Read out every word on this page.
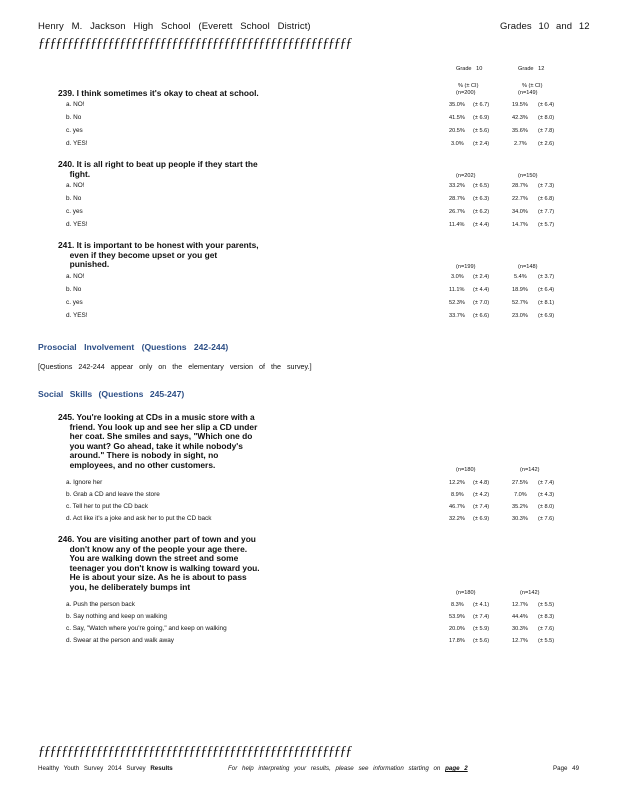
Henry M. Jackson High School (Everett School District)	Grades 10 and 12
ƒƒƒƒƒƒƒƒƒƒƒƒƒƒƒƒƒƒƒƒƒƒƒƒƒƒƒƒƒƒƒƒƒƒƒƒƒƒƒƒƒƒƒƒƒƒƒƒƒƒƒƒƒƒ
Grade 10	Grade 12
% (± CI)	% (± CI)
239. I think sometimes it's okay to cheat at school.	(n=200)	(n=149)
a. NO!	35.0% (± 6.7)	19.5% (± 6.4)
b. No	41.5% (± 6.9)	42.3% (± 8.0)
c. yes	20.5% (± 5.6)	35.6% (± 7.8)
d. YES!	3.0% (± 2.4)	2.7% (± 2.6)
240. It is all right to beat up people if they start the
fight.	(n=202)	(n=150)
a. NO!	33.2% (± 6.5)	28.7% (± 7.3)
b. No	28.7% (± 6.3)	22.7% (± 6.8)
c. yes	26.7% (± 6.2)	34.0% (± 7.7)
d. YES!	11.4% (± 4.4)	14.7% (± 5.7)
241. It is important to be honest with your parents,
even if they become upset or you get
punished.	(n=199)	(n=148)
a. NO!	3.0% (± 2.4)	5.4% (± 3.7)
b. No	11.1% (± 4.4)	18.9% (± 6.4)
c. yes	52.3% (± 7.0)	52.7% (± 8.1)
d. YES!	33.7% (± 6.6)	23.0% (± 6.9)
Prosocial Involvement (Questions 242-244)
[Questions 242-244 appear only on the elementary version of the survey.]
Social Skills (Questions 245-247)
245. You're looking at CDs in a music store with a
friend. You look up and see her slip a CD under
her coat. She smiles and says, "Which one do
you want? Go ahead, take it while nobody's
around." There is nobody in sight, no
employees, and no other customers.
(n=180)	(n=142)
a. Ignore her	12.2% (± 4.8)	27.5% (± 7.4)
b. Grab a CD and leave the store	8.9% (± 4.2)	7.0% (± 4.3)
c. Tell her to put the CD back	46.7% (± 7.4)	35.2% (± 8.0)
d. Act like it's a joke and ask her to put the CD back	32.2% (± 6.9)	30.3% (± 7.6)
246. You are visiting another part of town and you
don't know any of the people your age there.
You are walking down the street and some
teenager you don't know is walking toward you.
He is about your size. As he is about to pass
you, he deliberately bumps int
(n=180)	(n=142)
a. Push the person back	8.3% (± 4.1)	12.7% (± 5.5)
b. Say nothing and keep on walking	53.9% (± 7.4)	44.4% (± 8.3)
c. Say, "Watch where you're going," and keep on walking	20.0% (± 5.9)	30.3% (± 7.6)
d. Swear at the person and walk away	17.8% (± 5.6)	12.7% (± 5.5)
ƒƒƒƒƒƒƒƒƒƒƒƒƒƒƒƒƒƒƒƒƒƒƒƒƒƒƒƒƒƒƒƒƒƒƒƒƒƒƒƒƒƒƒƒƒƒƒƒƒƒƒƒƒƒ
Healthy Youth Survey 2014 Survey Results	For help interpreting your results, please see information starting on page 2	Page 49
